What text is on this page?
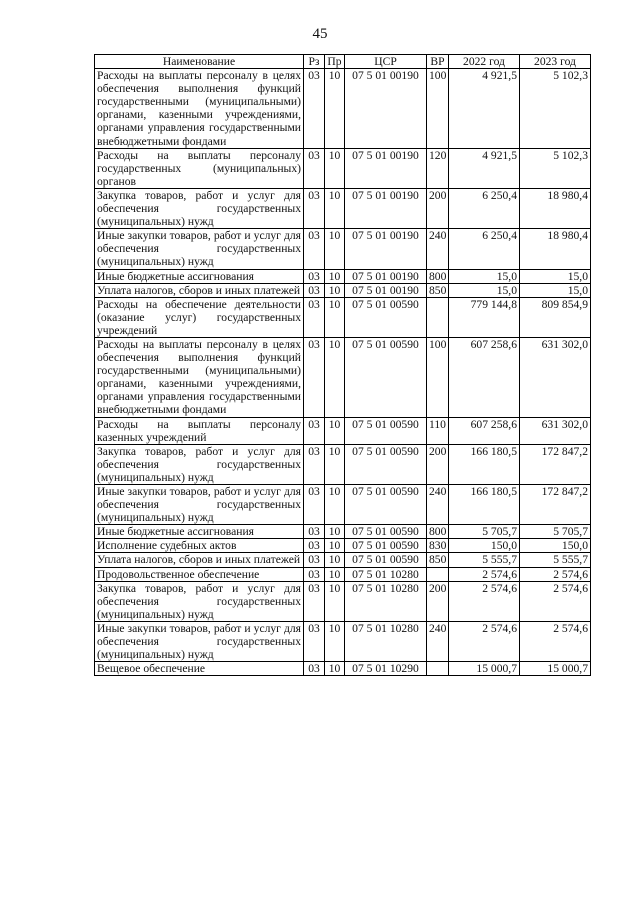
45
Наименование	Рз	Пр	ЦСР	ВР	2022 год	2023 год
Расходы на выплаты персоналу в целях обеспечения выполнения функций государственными (муниципальными) органами, казенными учреждениями, органами управления государственными внебюджетными фондами	03	10	07 5 01 00190	100	4 921,5	5 102,3
Расходы на выплаты персоналу государственных (муниципальных) органов	03	10	07 5 01 00190	120	4 921,5	5 102,3
Закупка товаров, работ и услуг для обеспечения государственных (муниципальных) нужд	03	10	07 5 01 00190	200	6 250,4	18 980,4
Иные закупки товаров, работ и услуг для обеспечения государственных (муниципальных) нужд	03	10	07 5 01 00190	240	6 250,4	18 980,4
Иные бюджетные ассигнования	03	10	07 5 01 00190	800	15,0	15,0
Уплата налогов, сборов и иных платежей	03	10	07 5 01 00190	850	15,0	15,0
Расходы на обеспечение деятельности (оказание услуг) государственных учреждений	03	10	07 5 01 00590		779 144,8	809 854,9
Расходы на выплаты персоналу в целях обеспечения выполнения функций государственными (муниципальными) органами, казенными учреждениями, органами управления государственными внебюджетными фондами	03	10	07 5 01 00590	100	607 258,6	631 302,0
Расходы на выплаты персоналу казенных учреждений	03	10	07 5 01 00590	110	607 258,6	631 302,0
Закупка товаров, работ и услуг для обеспечения государственных (муниципальных) нужд	03	10	07 5 01 00590	200	166 180,5	172 847,2
Иные закупки товаров, работ и услуг для обеспечения государственных (муниципальных) нужд	03	10	07 5 01 00590	240	166 180,5	172 847,2
Иные бюджетные ассигнования	03	10	07 5 01 00590	800	5 705,7	5 705,7
Исполнение судебных актов	03	10	07 5 01 00590	830	150,0	150,0
Уплата налогов, сборов и иных платежей	03	10	07 5 01 00590	850	5 555,7	5 555,7
Продовольственное обеспечение	03	10	07 5 01 10280		2 574,6	2 574,6
Закупка товаров, работ и услуг для обеспечения государственных (муниципальных) нужд	03	10	07 5 01 10280	200	2 574,6	2 574,6
Иные закупки товаров, работ и услуг для обеспечения государственных (муниципальных) нужд	03	10	07 5 01 10280	240	2 574,6	2 574,6
Вещевое обеспечение	03	10	07 5 01 10290		15 000,7	15 000,7
